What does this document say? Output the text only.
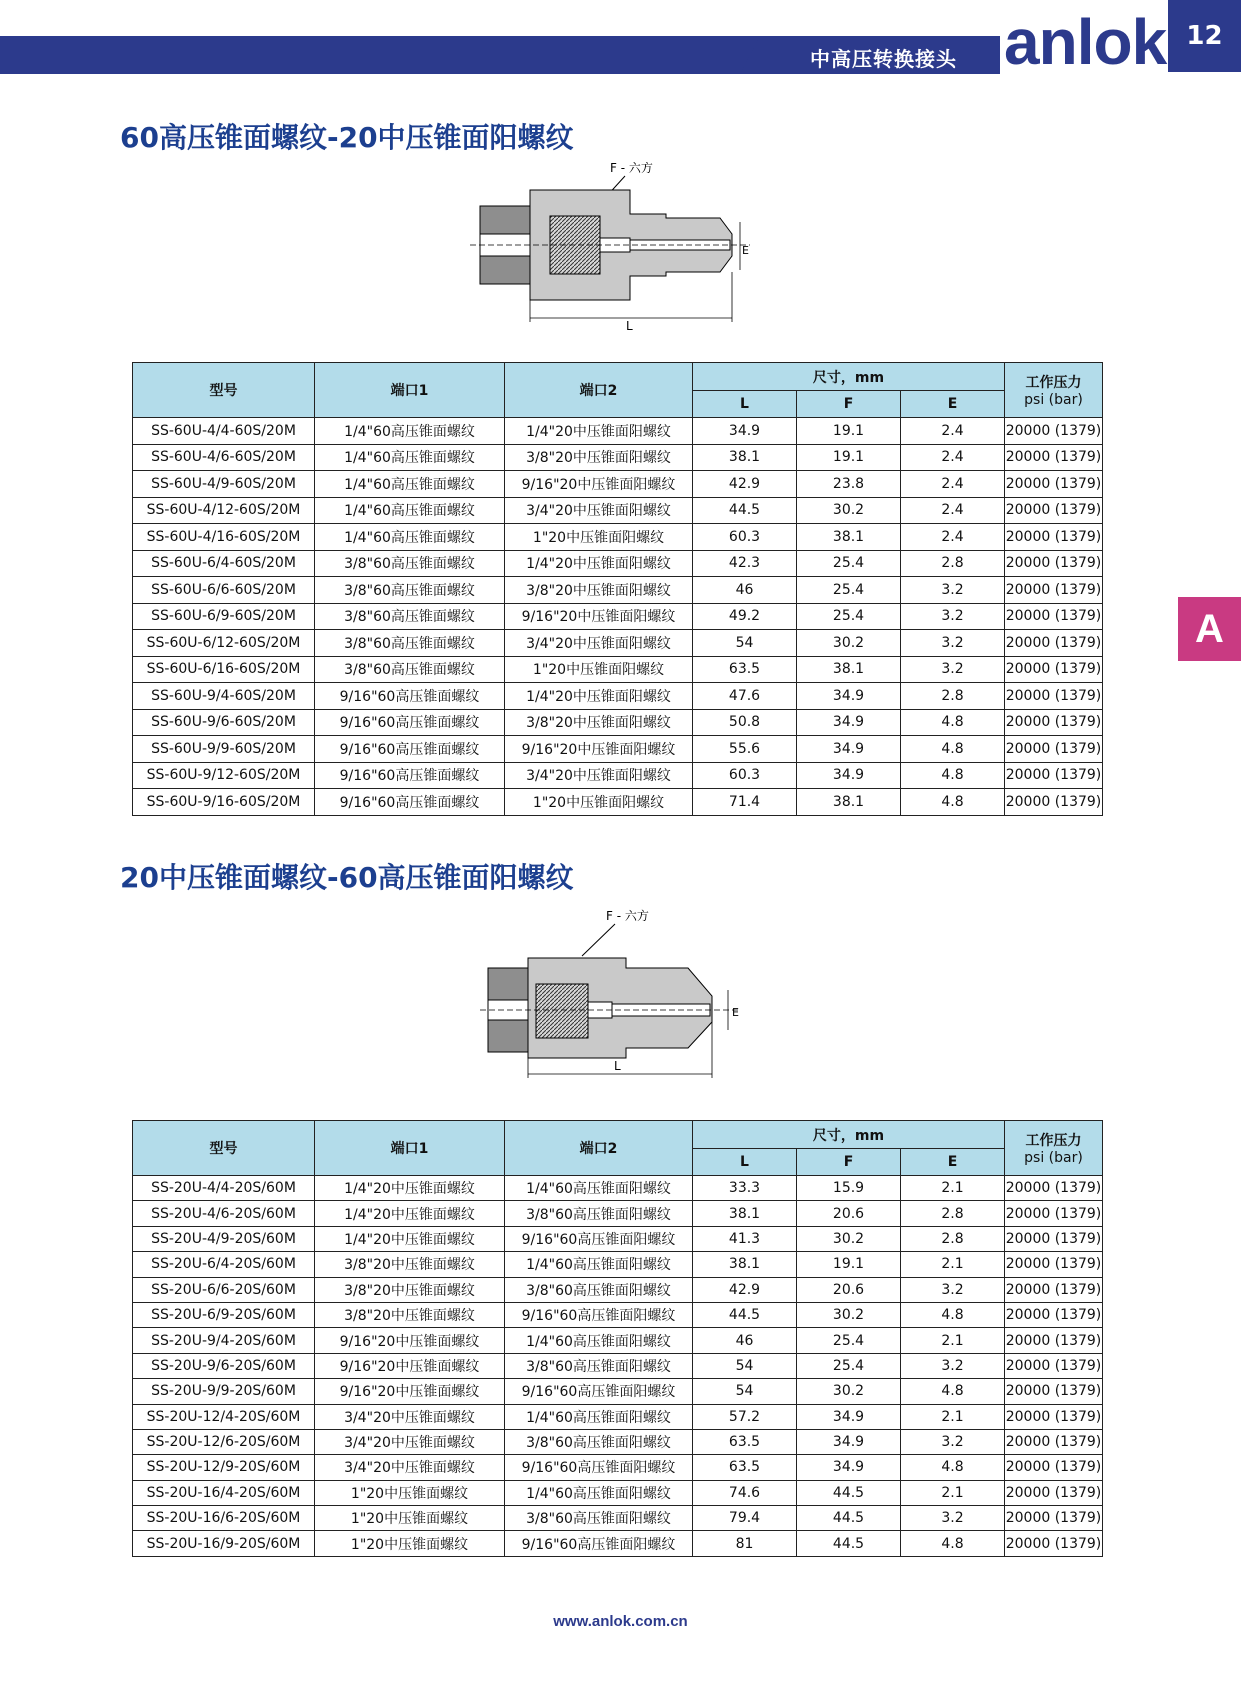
中高压转换接头 anlok 12
A
60高压锥面螺纹-20中压锥面阳螺纹
F - 六方
E
L
型号	端口1	端口2	尺寸，mm			工作压力
psi (bar)

			L	F	E	
SS-60U-4/4-60S/20M	1/4"60高压锥面螺纹	1/4"20中压锥面阳螺纹	34.9	19.1	2.4	20000 (1379)
SS-60U-4/6-60S/20M	1/4"60高压锥面螺纹	3/8"20中压锥面阳螺纹	38.1	19.1	2.4	20000 (1379)
SS-60U-4/9-60S/20M	1/4"60高压锥面螺纹	9/16"20中压锥面阳螺纹	42.9	23.8	2.4	20000 (1379)
SS-60U-4/12-60S/20M	1/4"60高压锥面螺纹	3/4"20中压锥面阳螺纹	44.5	30.2	2.4	20000 (1379)
SS-60U-4/16-60S/20M	1/4"60高压锥面螺纹	1"20中压锥面阳螺纹	60.3	38.1	2.4	20000 (1379)
SS-60U-6/4-60S/20M	3/8"60高压锥面螺纹	1/4"20中压锥面阳螺纹	42.3	25.4	2.8	20000 (1379)
SS-60U-6/6-60S/20M	3/8"60高压锥面螺纹	3/8"20中压锥面阳螺纹	46	25.4	3.2	20000 (1379)
SS-60U-6/9-60S/20M	3/8"60高压锥面螺纹	9/16"20中压锥面阳螺纹	49.2	25.4	3.2	20000 (1379)
SS-60U-6/12-60S/20M	3/8"60高压锥面螺纹	3/4"20中压锥面阳螺纹	54	30.2	3.2	20000 (1379)
SS-60U-6/16-60S/20M	3/8"60高压锥面螺纹	1"20中压锥面阳螺纹	63.5	38.1	3.2	20000 (1379)
SS-60U-9/4-60S/20M	9/16"60高压锥面螺纹	1/4"20中压锥面阳螺纹	47.6	34.9	2.8	20000 (1379)
SS-60U-9/6-60S/20M	9/16"60高压锥面螺纹	3/8"20中压锥面阳螺纹	50.8	34.9	4.8	20000 (1379)
SS-60U-9/9-60S/20M	9/16"60高压锥面螺纹	9/16"20中压锥面阳螺纹	55.6	34.9	4.8	20000 (1379)
SS-60U-9/12-60S/20M	9/16"60高压锥面螺纹	3/4"20中压锥面阳螺纹	60.3	34.9	4.8	20000 (1379)
SS-60U-9/16-60S/20M	9/16"60高压锥面螺纹	1"20中压锥面阳螺纹	71.4	38.1	4.8	20000 (1379)
20中压锥面螺纹-60高压锥面阳螺纹
F - 六方
E
L
型号	端口1	端口2	尺寸，mm			工作压力
psi (bar)

			L	F	E	
SS-20U-4/4-20S/60M	1/4"20中压锥面螺纹	1/4"60高压锥面阳螺纹	33.3	15.9	2.1	20000 (1379)
SS-20U-4/6-20S/60M	1/4"20中压锥面螺纹	3/8"60高压锥面阳螺纹	38.1	20.6	2.8	20000 (1379)
SS-20U-4/9-20S/60M	1/4"20中压锥面螺纹	9/16"60高压锥面阳螺纹	41.3	30.2	2.8	20000 (1379)
SS-20U-6/4-20S/60M	3/8"20中压锥面螺纹	1/4"60高压锥面阳螺纹	38.1	19.1	2.1	20000 (1379)
SS-20U-6/6-20S/60M	3/8"20中压锥面螺纹	3/8"60高压锥面阳螺纹	42.9	20.6	3.2	20000 (1379)
SS-20U-6/9-20S/60M	3/8"20中压锥面螺纹	9/16"60高压锥面阳螺纹	44.5	30.2	4.8	20000 (1379)
SS-20U-9/4-20S/60M	9/16"20中压锥面螺纹	1/4"60高压锥面阳螺纹	46	25.4	2.1	20000 (1379)
SS-20U-9/6-20S/60M	9/16"20中压锥面螺纹	3/8"60高压锥面阳螺纹	54	25.4	3.2	20000 (1379)
SS-20U-9/9-20S/60M	9/16"20中压锥面螺纹	9/16"60高压锥面阳螺纹	54	30.2	4.8	20000 (1379)
SS-20U-12/4-20S/60M	3/4"20中压锥面螺纹	1/4"60高压锥面阳螺纹	57.2	34.9	2.1	20000 (1379)
SS-20U-12/6-20S/60M	3/4"20中压锥面螺纹	3/8"60高压锥面阳螺纹	63.5	34.9	3.2	20000 (1379)
SS-20U-12/9-20S/60M	3/4"20中压锥面螺纹	9/16"60高压锥面阳螺纹	63.5	34.9	4.8	20000 (1379)
SS-20U-16/4-20S/60M	1"20中压锥面螺纹	1/4"60高压锥面阳螺纹	74.6	44.5	2.1	20000 (1379)
SS-20U-16/6-20S/60M	1"20中压锥面螺纹	3/8"60高压锥面阳螺纹	79.4	44.5	3.2	20000 (1379)
SS-20U-16/9-20S/60M	1"20中压锥面螺纹	9/16"60高压锥面阳螺纹	81	44.5	4.8	20000 (1379)
www.anlok.com.cn
